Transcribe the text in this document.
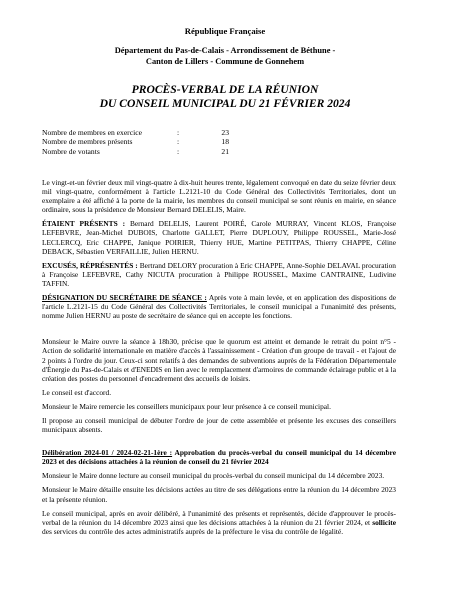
République Française
Département du Pas-de-Calais - Arrondissement de Béthune -
Canton de Lillers - Commune de Gonnehem
PROCÈS-VERBAL DE LA RÉUNION
DU CONSEIL MUNICIPAL DU 21 FÉVRIER 2024
Nombre de membres en exercice	:	23
Nombre de membres présents	:	18
Nombre de votants	:	21

Le vingt-et-un février deux mil vingt-quatre à dix-huit heures trente, légalement convoqué en date du seize février deux mil vingt-quatre, conformément à l'article L.2121-10 du Code Général des Collectivités Territoriales, dont un exemplaire a été affiché à la porte de la mairie, les membres du conseil municipal se sont réunis en mairie, en séance ordinaire, sous la présidence de Monsieur Bernard DELELIS, Maire.

ÉTAIENT PRÉSENTS : Bernard DELELIS, Laurent POIRÉ, Carole MURRAY, Vincent KLOS, Françoise LEFEBVRE, Jean-Michel DUBOIS, Charlotte GALLET, Pierre DUPLOUY, Philippe ROUSSEL, Marie-José LECLERCQ, Eric CHAPPE, Janique POIRIER, Thierry HUE, Martine PETITPAS, Thierry CHAPPE, Céline DEBACK, Sébastien VERFAILLIE, Julien HERNU.

EXCUSÉS, RÉPRÉSENTÉS : Bertrand DELORY procuration à Eric CHAPPE, Anne-Sophie DELAVAL procuration à Françoise LEFEBVRE, Cathy NICUTA procuration à Philippe ROUSSEL, Maxime CANTRAINE, Ludivine TAFFIN.

DÉSIGNATION DU SECRÉTAIRE DE SÉANCE : Après vote à main levée, et en application des dispositions de l'article L.2121-15 du Code Général des Collectivités Territoriales, le conseil municipal a l'unanimité des présents, nomme Julien HERNU au poste de secrétaire de séance qui en accepte les fonctions.

Monsieur le Maire ouvre la séance à 18h30, précise que le quorum est atteint et demande le retrait du point n°5 - Action de solidarité internationale en matière d'accès à l'assainissement - Création d'un groupe de travail - et l'ajout de 2 points à l'ordre du jour. Ceux-ci sont relatifs à des demandes de subventions auprès de la Fédération Départementale d'Énergie du Pas-de-Calais et d'ENEDIS en lien avec le remplacement d'armoires de commande éclairage public et à la création des postes du personnel d'encadrement des accueils de loisirs.

Le conseil est d'accord.

Monsieur le Maire remercie les conseillers municipaux pour leur présence à ce conseil municipal.

Il propose au conseil municipal de débuter l'ordre de jour de cette assemblée et présente les excuses des conseillers municipaux absents.

Délibération 2024-01 / 2024-02-21-1ère : Approbation du procès-verbal du conseil municipal du 14 décembre 2023 et des décisions attachées à la réunion de conseil du 21 février 2024

Monsieur le Maire donne lecture au conseil municipal du procès-verbal du conseil municipal du 14 décembre 2023.

Monsieur le Maire détaille ensuite les décisions actées au titre de ses délégations entre la réunion du 14 décembre 2023 et la présente réunion.

Le conseil municipal, après en avoir délibéré, à l'unanimité des présents et représentés, décide d'approuver le procès-verbal de la réunion du 14 décembre 2023 ainsi que les décisions attachées à la réunion du 21 février 2024, et sollicite des services du contrôle des actes administratifs auprès de la préfecture le visa du contrôle de légalité.
